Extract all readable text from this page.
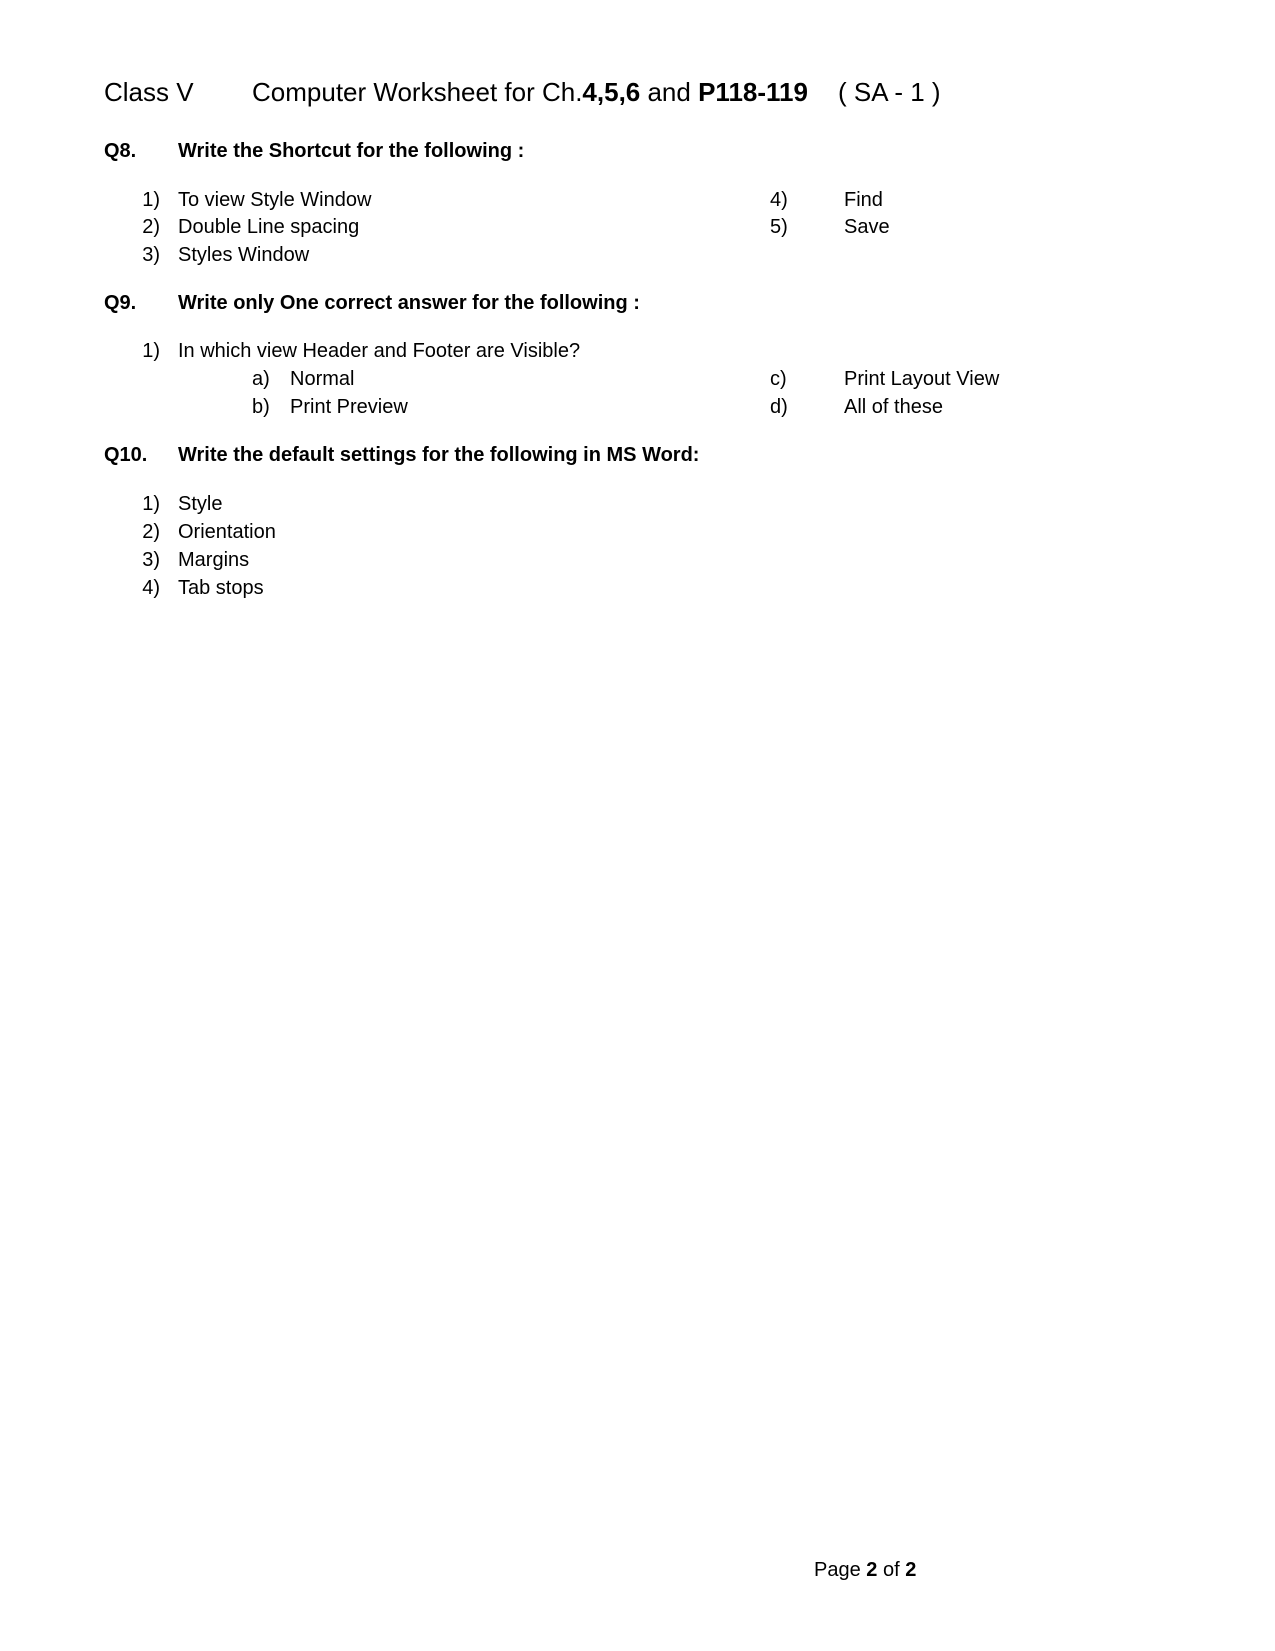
Class V Computer Worksheet for Ch.4,5,6 and P118-119 ( SA - 1 )
Q8. Write the Shortcut for the following :
1) To view Style Window
2) Double Line spacing
3) Styles Window
4)	Find
5)	Save
Q9. Write only One correct answer for the following :
1) In which view Header and Footer are Visible?
a) Normal
b) Print Preview
c)	Print Layout View
d)	All of these
Q10. Write the default settings for the following in MS Word:
1) Style
2) Orientation
3) Margins
4) Tab stops
Page 2 of 2
